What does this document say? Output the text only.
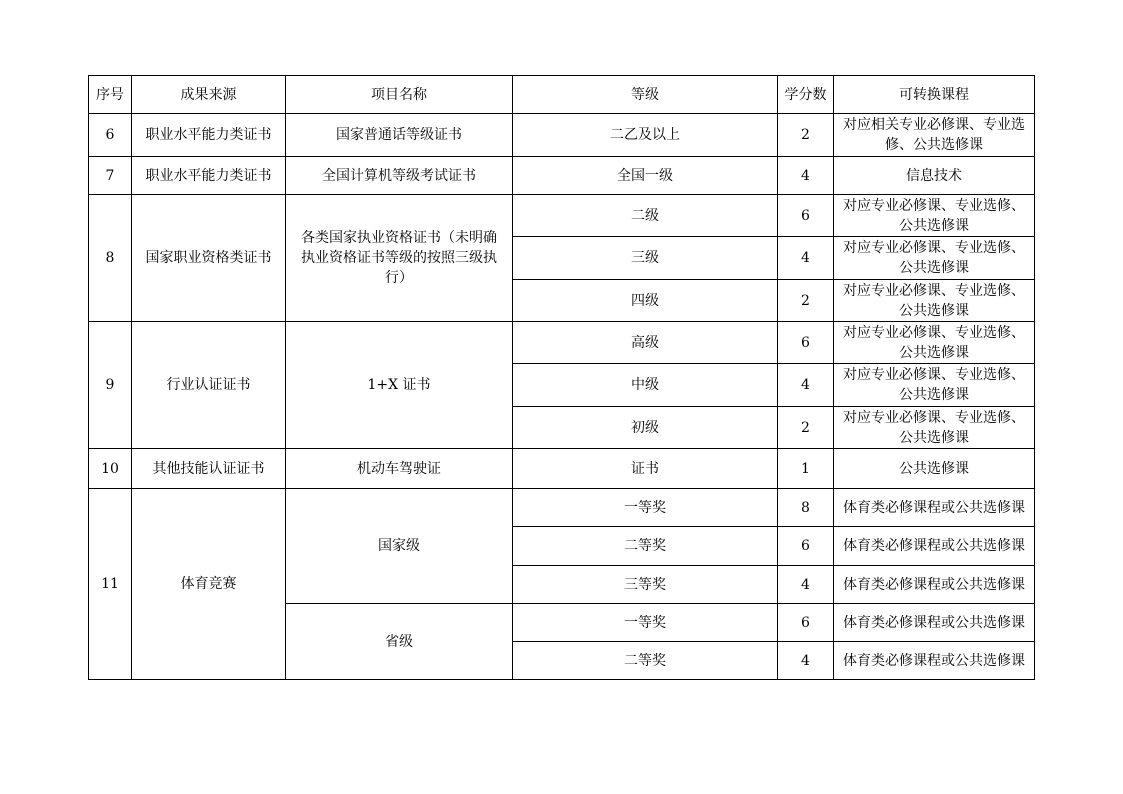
序号	成果来源	项目名称	等级	学分数	可转换课程
6	职业水平能力类证书	国家普通话等级证书	二乙及以上	2	对应相关专业必修课、专业选修、公共选修课
7	职业水平能力类证书	全国计算机等级考试证书	全国一级	4	信息技术
8	国家职业资格类证书	各类国家执业资格证书（未明确执业资格证书等级的按照三级执行）	二级	6	对应专业必修课、专业选修、公共选修课
			三级	4	对应专业必修课、专业选修、公共选修课
			四级	2	对应专业必修课、专业选修、公共选修课
9	行业认证证书	1+X 证书	高级	6	对应专业必修课、专业选修、公共选修课
			中级	4	对应专业必修课、专业选修、公共选修课
			初级	2	对应专业必修课、专业选修、公共选修课
10	其他技能认证证书	机动车驾驶证	证书	1	公共选修课
11	体育竞赛	国家级	一等奖	8	体育类必修课程或公共选修课
			二等奖	6	体育类必修课程或公共选修课
			三等奖	4	体育类必修课程或公共选修课
		省级	一等奖	6	体育类必修课程或公共选修课
			二等奖	4	体育类必修课程或公共选修课
